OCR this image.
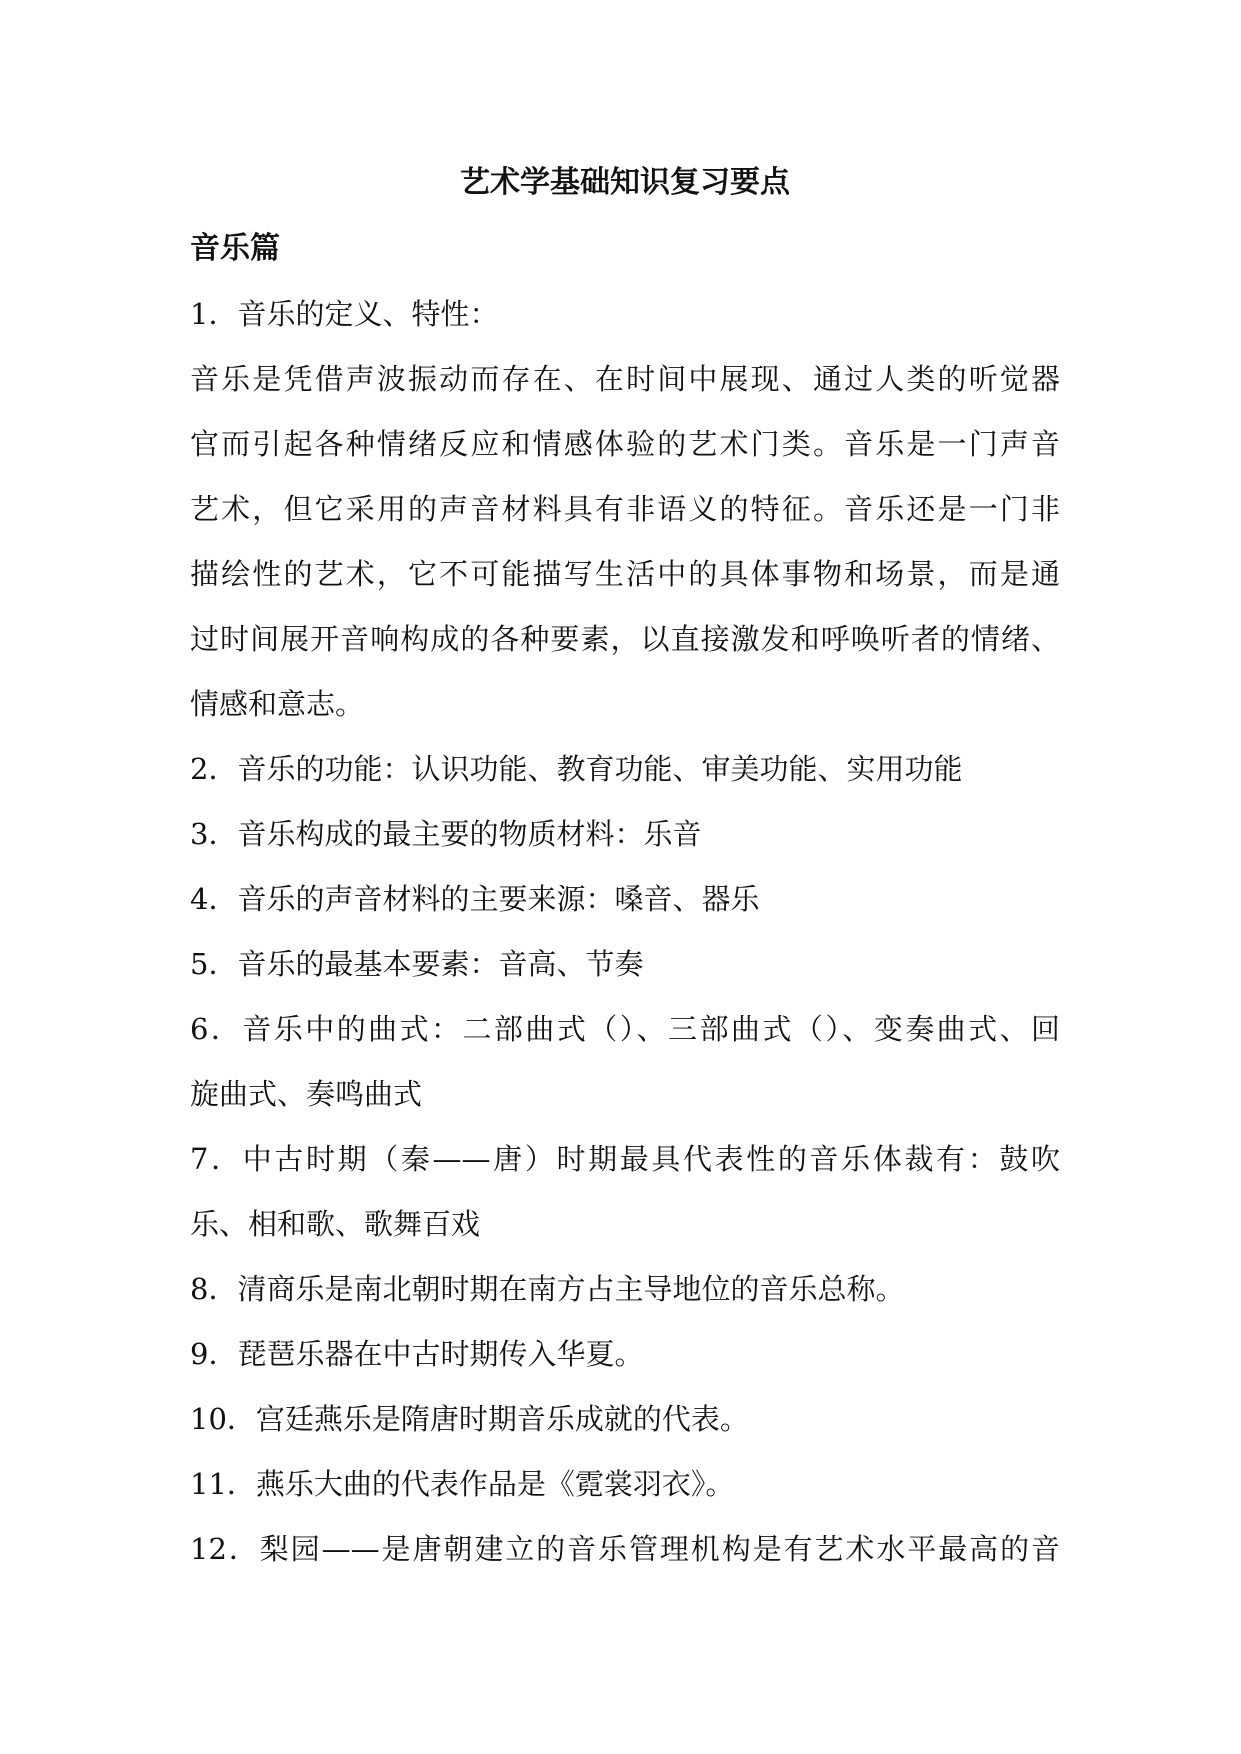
艺术学基础知识复习要点
音乐篇
1．音乐的定义、特性：
音乐是凭借声波振动而存在、在时间中展现、通过人类的听觉器
官而引起各种情绪反应和情感体验的艺术门类。音乐是一门声音
艺术，但它采用的声音材料具有非语义的特征。音乐还是一门非
描绘性的艺术，它不可能描写生活中的具体事物和场景，而是通
过时间展开音响构成的各种要素，以直接激发和呼唤听者的情绪、
情感和意志。
2．音乐的功能：认识功能、教育功能、审美功能、实用功能
3．音乐构成的最主要的物质材料：乐音
4．音乐的声音材料的主要来源：嗓音、器乐
5．音乐的最基本要素：音高、节奏
6．音乐中的曲式：二部曲式（）、三部曲式（）、变奏曲式、回
旋曲式、奏鸣曲式
7．中古时期（秦——唐）时期最具代表性的音乐体裁有：鼓吹
乐、相和歌、歌舞百戏
8．清商乐是南北朝时期在南方占主导地位的音乐总称。
9．琵琶乐器在中古时期传入华夏。
10．宫廷燕乐是隋唐时期音乐成就的代表。
11．燕乐大曲的代表作品是《霓裳羽衣》。
12．梨园——是唐朝建立的音乐管理机构是有艺术水平最高的音
